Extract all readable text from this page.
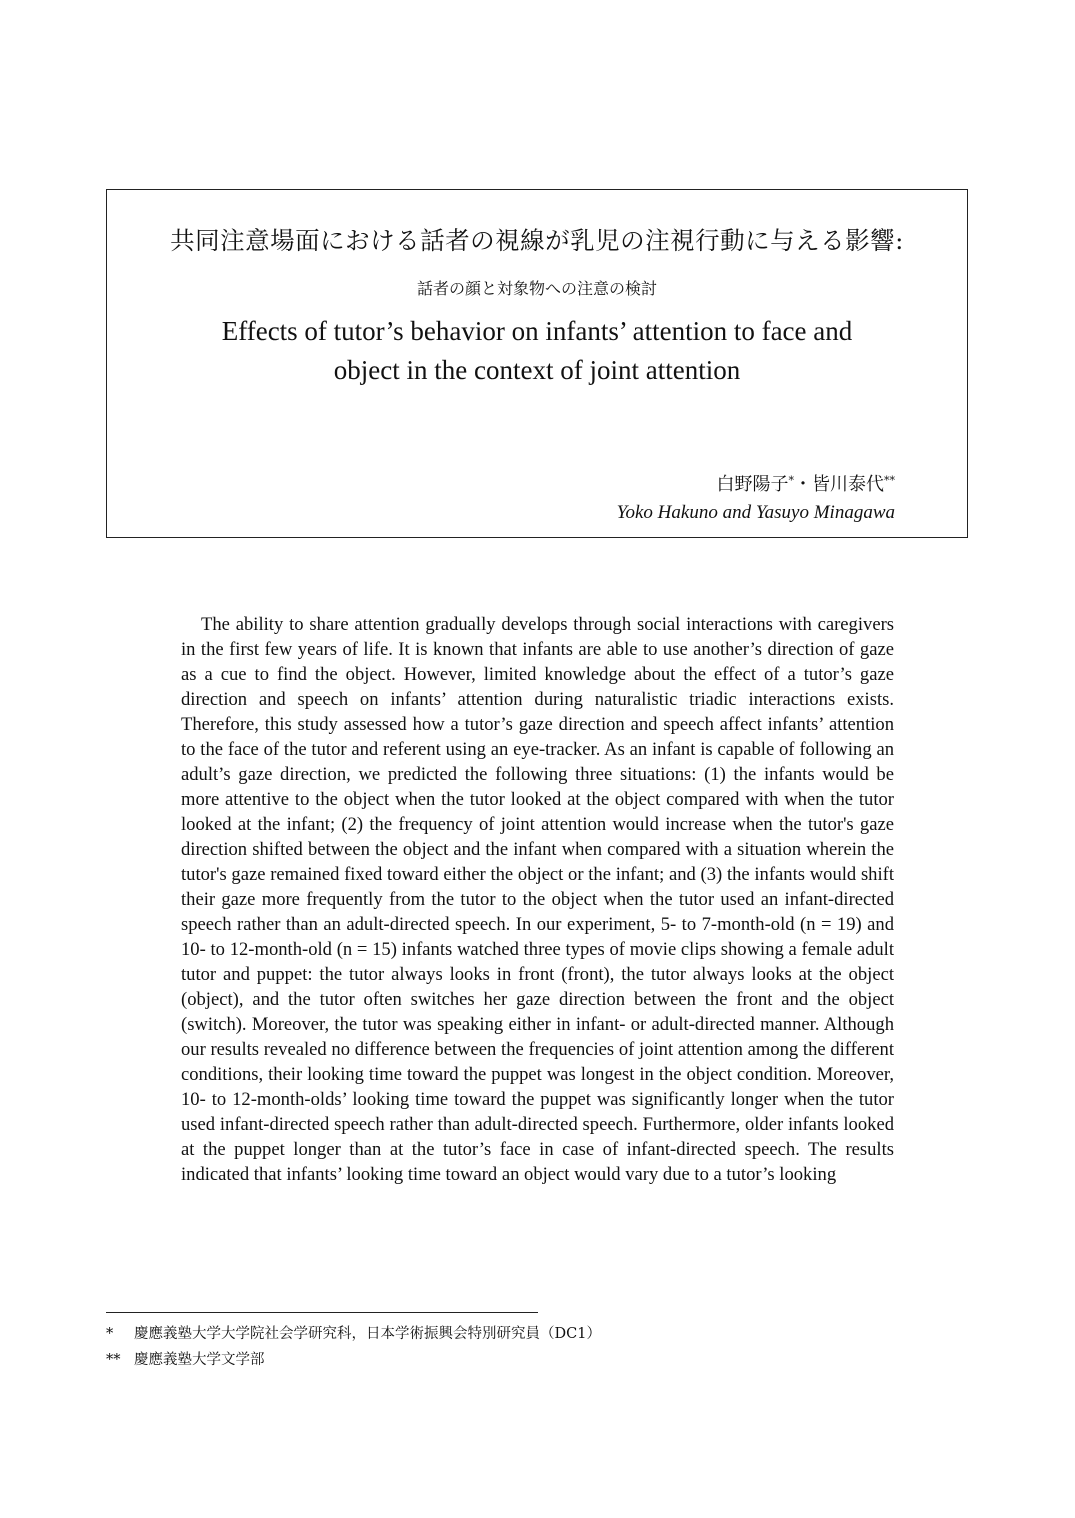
共同注意場面における話者の視線が乳児の注視行動に与える影響:
話者の顔と対象物への注意の検討
Effects of tutor’s behavior on infants’ attention to face and
object in the context of joint attention
白野陽子*・皆川泰代**
Yoko Hakuno and Yasuyo Minagawa

The ability to share attention gradually develops through social interactions with caregivers in the first few years of life. It is known that infants are able to use another’s direction of gaze as a cue to find the object. However, limited knowledge about the effect of a tutor’s gaze direction and speech on infants’ attention during naturalistic triadic interactions exists. Therefore, this study assessed how a tutor’s gaze direction and speech affect infants’ attention to the face of the tutor and referent using an eye-tracker. As an infant is capable of following an adult’s gaze direction, we predicted the following three situations: (1) the infants would be more attentive to the object when the tutor looked at the object compared with when the tutor looked at the infant; (2) the frequency of joint attention would increase when the tutor's gaze direction shifted between the object and the infant when compared with a situation wherein the tutor's gaze remained fixed toward either the object or the infant; and (3) the infants would shift their gaze more frequently from the tutor to the object when the tutor used an infant-directed speech rather than an adult-directed speech. In our experiment, 5- to 7-month-old (n = 19) and 10- to 12-month-old (n = 15) infants watched three types of movie clips showing a female adult tutor and puppet: the tutor always looks in front (front), the tutor always looks at the object (object), and the tutor often switches her gaze direction between the front and the object (switch). Moreover, the tutor was speaking either in infant- or adult-directed manner. Although our results revealed no difference between the frequencies of joint attention among the different conditions, their looking time toward the puppet was longest in the object condition. Moreover, 10- to 12-month-olds’ looking time toward the puppet was significantly longer when the tutor used infant-directed speech rather than adult-directed speech. Furthermore, older infants looked at the puppet longer than at the tutor’s face in case of infant-directed speech. The results indicated that infants’ looking time toward an object would vary due to a tutor’s looking

* 慶應義塾大学大学院社会学研究科，日本学術振興会特別研究員（DC1）
** 慶應義塾大学文学部
